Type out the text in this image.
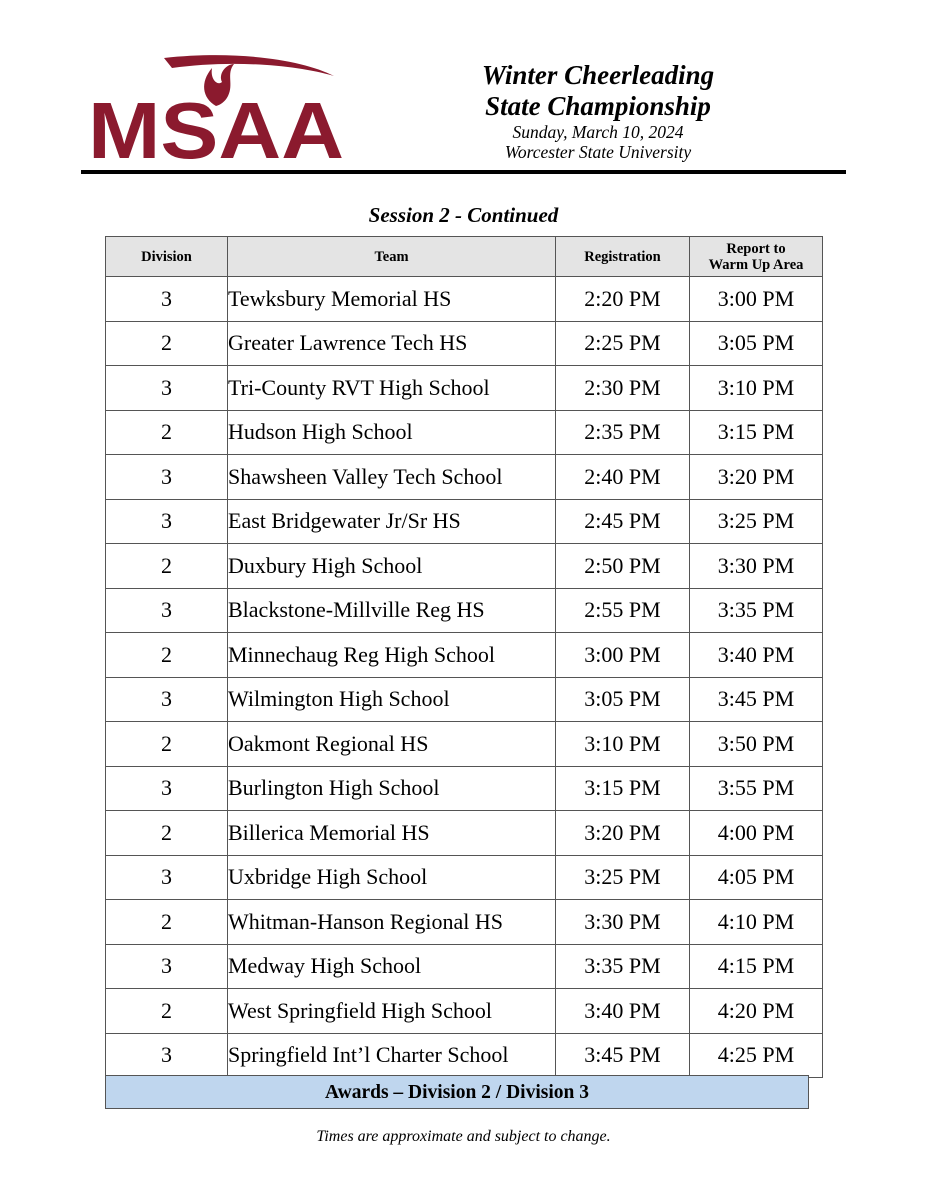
MSAA
Winter Cheerleading
State Championship
Sunday, March 10, 2024
Worcester State University
Session 2 - Continued
Division	Team	Registration	Report to
Warm Up Area

3	Tewksbury Memorial HS	2:20 PM	3:00 PM
2	Greater Lawrence Tech HS	2:25 PM	3:05 PM
3	Tri-County RVT High School	2:30 PM	3:10 PM
2	Hudson High School	2:35 PM	3:15 PM
3	Shawsheen Valley Tech School	2:40 PM	3:20 PM
3	East Bridgewater Jr/Sr HS	2:45 PM	3:25 PM
2	Duxbury High School	2:50 PM	3:30 PM
3	Blackstone-Millville Reg HS	2:55 PM	3:35 PM
2	Minnechaug Reg High School	3:00 PM	3:40 PM
3	Wilmington High School	3:05 PM	3:45 PM
2	Oakmont Regional HS	3:10 PM	3:50 PM
3	Burlington High School	3:15 PM	3:55 PM
2	Billerica Memorial HS	3:20 PM	4:00 PM
3	Uxbridge High School	3:25 PM	4:05 PM
2	Whitman-Hanson Regional HS	3:30 PM	4:10 PM
3	Medway High School	3:35 PM	4:15 PM
2	West Springfield High School	3:40 PM	4:20 PM
3	Springfield Int’l Charter School	3:45 PM	4:25 PM
Awards – Division 2 / Division 3
Times are approximate and subject to change.
